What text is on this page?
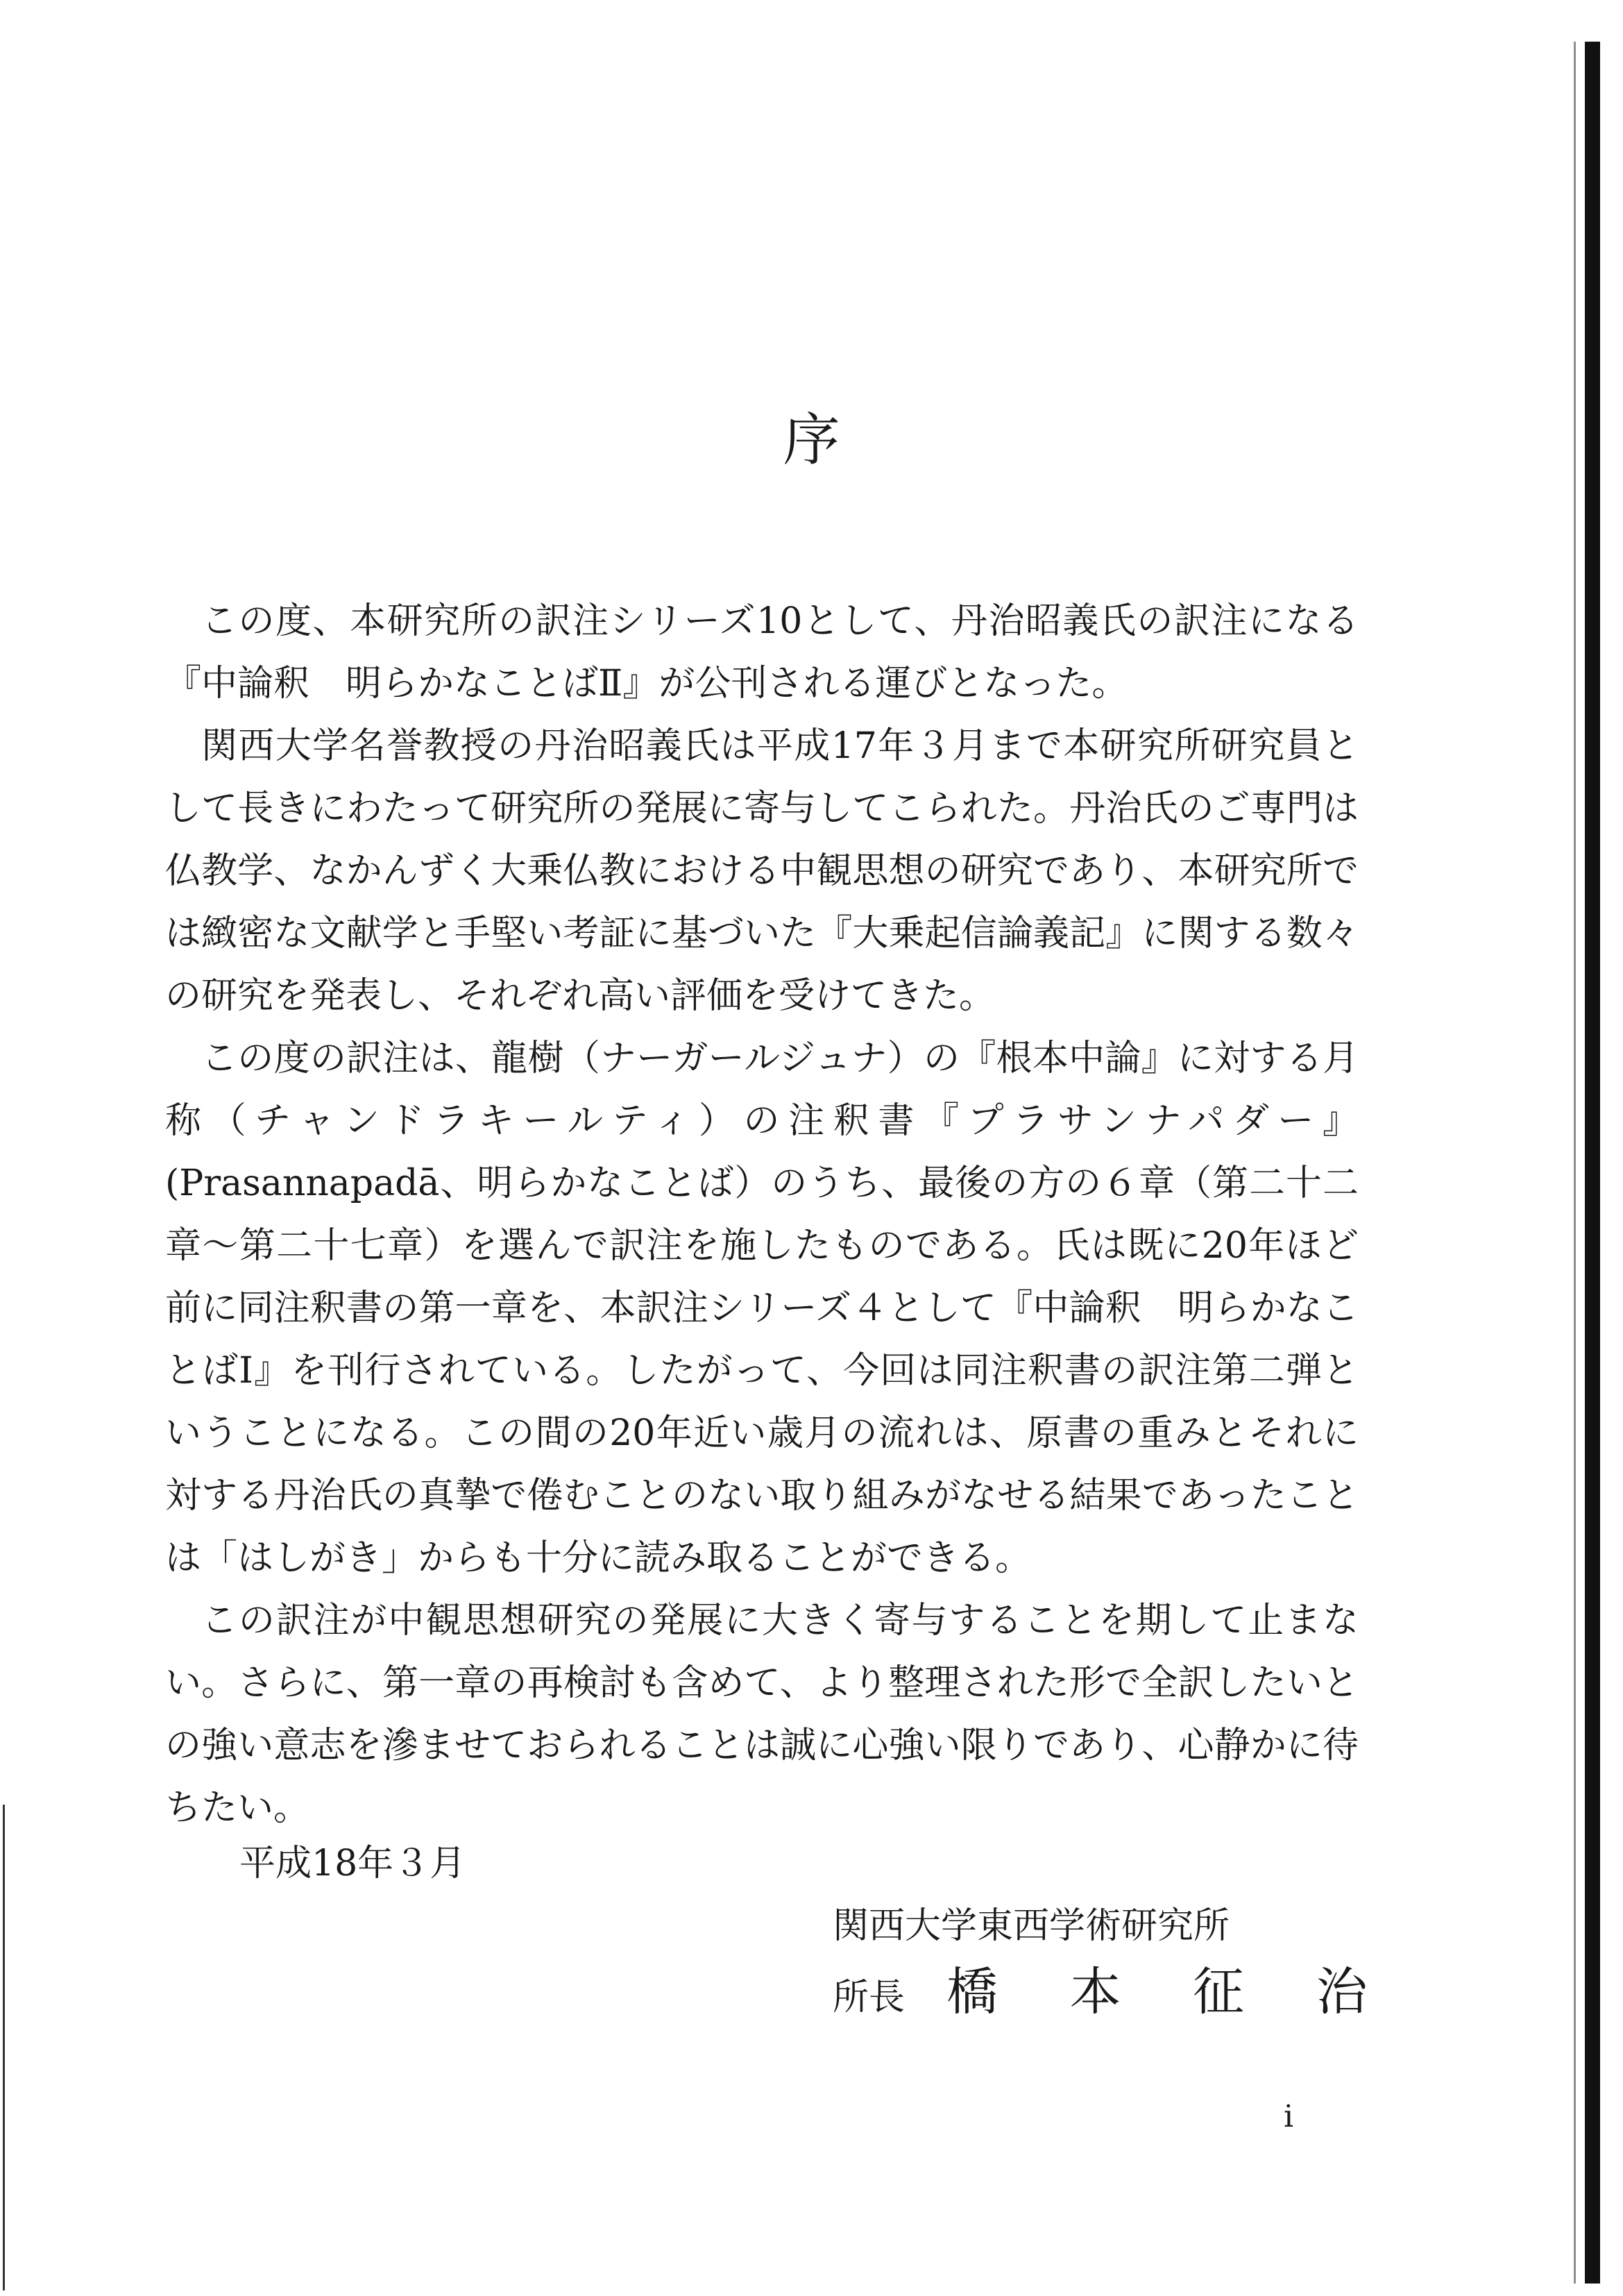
序

この度、本研究所の訳注シリーズ10として、丹治昭義氏の訳注になる『中論釈　明らかなことばⅡ』が公刊される運びとなった。

関西大学名誉教授の丹治昭義氏は平成17年３月まで本研究所研究員として長きにわたって研究所の発展に寄与してこられた。丹治氏のご専門は仏教学、なかんずく大乗仏教における中観思想の研究であり、本研究所では緻密な文献学と手堅い考証に基づいた『大乗起信論義記』に関する数々の研究を発表し、それぞれ高い評価を受けてきた。

この度の訳注は、龍樹（ナーガールジュナ）の『根本中論』に対する月称（チャンドラキールティ）の注釈書『プラサンナパダー』(Prasannapadā、明らかなことば）のうち、最後の方の６章（第二十二章～第二十七章）を選んで訳注を施したものである。氏は既に20年ほど前に同注釈書の第一章を、本訳注シリーズ４として『中論釈　明らかなことばⅠ』を刊行されている。したがって、今回は同注釈書の訳注第二弾ということになる。この間の20年近い歳月の流れは、原書の重みとそれに対する丹治氏の真摯で倦むことのない取り組みがなせる結果であったことは「はしがき」からも十分に読み取ることができる。

この訳注が中観思想研究の発展に大きく寄与することを期して止まない。さらに、第一章の再検討も含めて、より整理された形で全訳したいとの強い意志を滲ませておられることは誠に心強い限りであり、心静かに待ちたい。

平成18年３月
関西大学東西学術研究所
所長 橋 本 征 治
i
